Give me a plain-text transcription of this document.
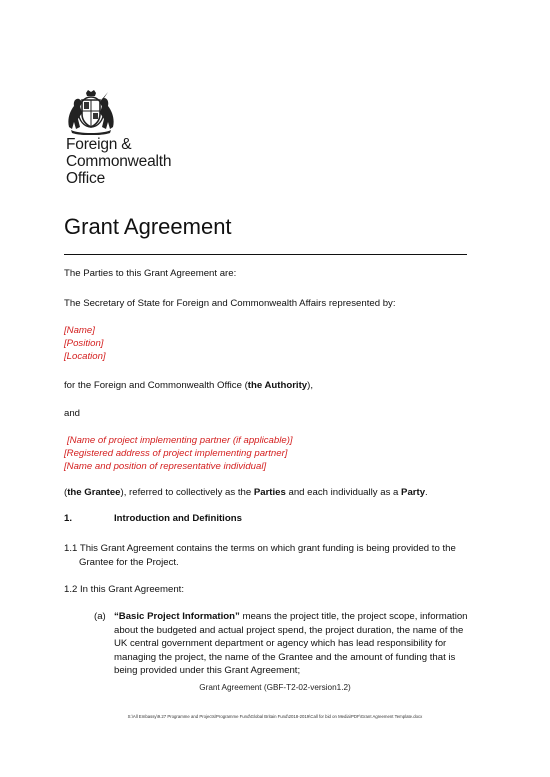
Foreign &
Commonwealth
Office
Grant Agreement
The Parties to this Grant Agreement are:
The Secretary of State for Foreign and Commonwealth Affairs represented by:
[Name]
[Position]
[Location]
for the Foreign and Commonwealth Office (the Authority),
and
[Name of project implementing partner (if applicable)]
[Registered address of project implementing partner]
[Name and position of representative individual]
(the Grantee), referred to collectively as the Parties and each individually as a Party.
1.	Introduction and Definitions
1.1 This Grant Agreement contains the terms on which grant funding is being provided to the Grantee for the Project.
1.2 In this Grant Agreement:
(a) “Basic Project Information” means the project title, the project scope, information about the budgeted and actual project spend, the project duration, the name of the UK central government department or agency which has lead responsibility for managing the project, the name of the Grantee and the amount of funding that is being provided under this Grant Agreement;
Grant Agreement (GBF-T2-02-version1.2)
S:\All Embassy\9.27 Programme and Projects\Programme Fund\Global Britain Fund\2018-2019\Call for bid on Media\PDF\Grant Agreement Template.docx
